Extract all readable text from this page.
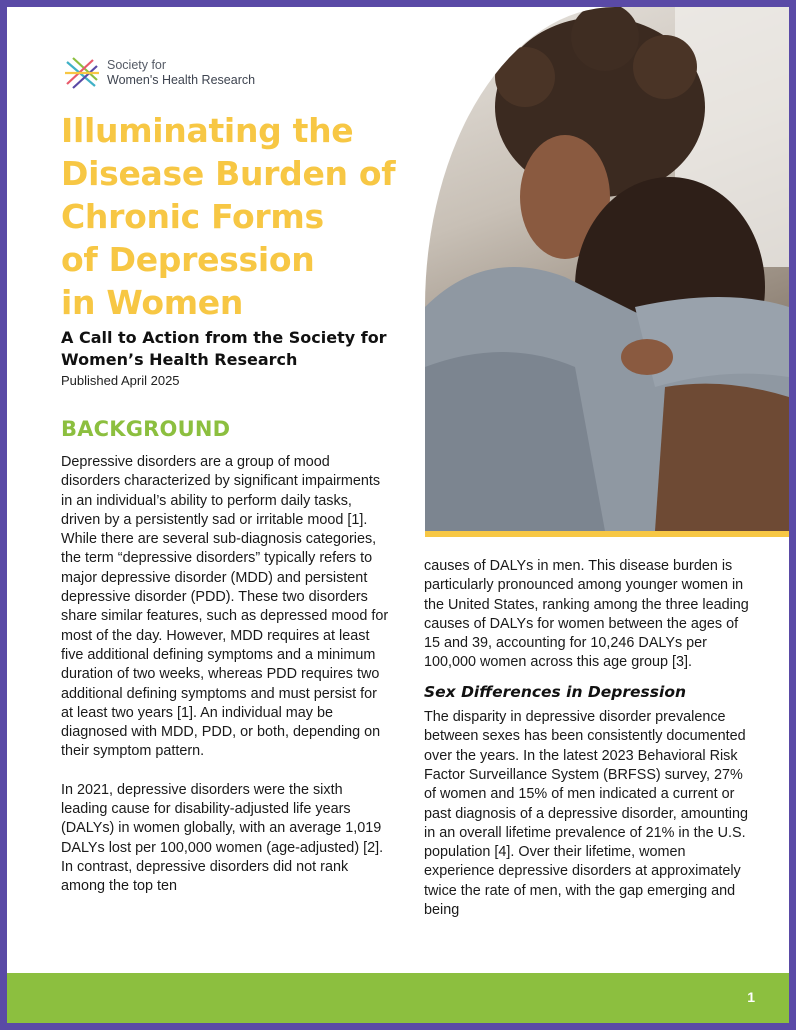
Society for
Women's Health Research
Illuminating the
Disease Burden of
Chronic Forms
of Depression
in Women
A Call to Action from the Society for Women’s Health Research
Published April 2025
BACKGROUND

Depressive disorders are a group of mood disorders characterized by significant impairments in an individual’s ability to perform daily tasks, driven by a persistently sad or irritable mood [1]. While there are several sub-diagnosis categories, the term “depressive disorders” typically refers to major depressive disorder (MDD) and persistent depressive disorder (PDD). These two disorders share similar features, such as depressed mood for most of the day. However, MDD requires at least five additional defining symptoms and a minimum duration of two weeks, whereas PDD requires two additional defining symptoms and must persist for at least two years [1]. An individual may be diagnosed with MDD, PDD, or both, depending on their symptom pattern.

In 2021, depressive disorders were the sixth leading cause for disability-adjusted life years (DALYs) in women globally, with an average 1,019 DALYs lost per 100,000 women (age-adjusted) [2]. In contrast, depressive disorders did not rank among the top ten

causes of DALYs in men. This disease burden is particularly pronounced among younger women in the United States, ranking among the three leading causes of DALYs for women between the ages of 15 and 39, accounting for 10,246 DALYs per 100,000 women across this age group [3].

Sex Differences in Depression

The disparity in depressive disorder prevalence between sexes has been consistently documented over the years. In the latest 2023 Behavioral Risk Factor Surveillance System (BRFSS) survey, 27% of women and 15% of men indicated a current or past diagnosis of a depressive disorder, amounting in an overall lifetime prevalence of 21% in the U.S. population [4]. Over their lifetime, women experience depressive disorders at approximately twice the rate of men, with the gap emerging and being

1
